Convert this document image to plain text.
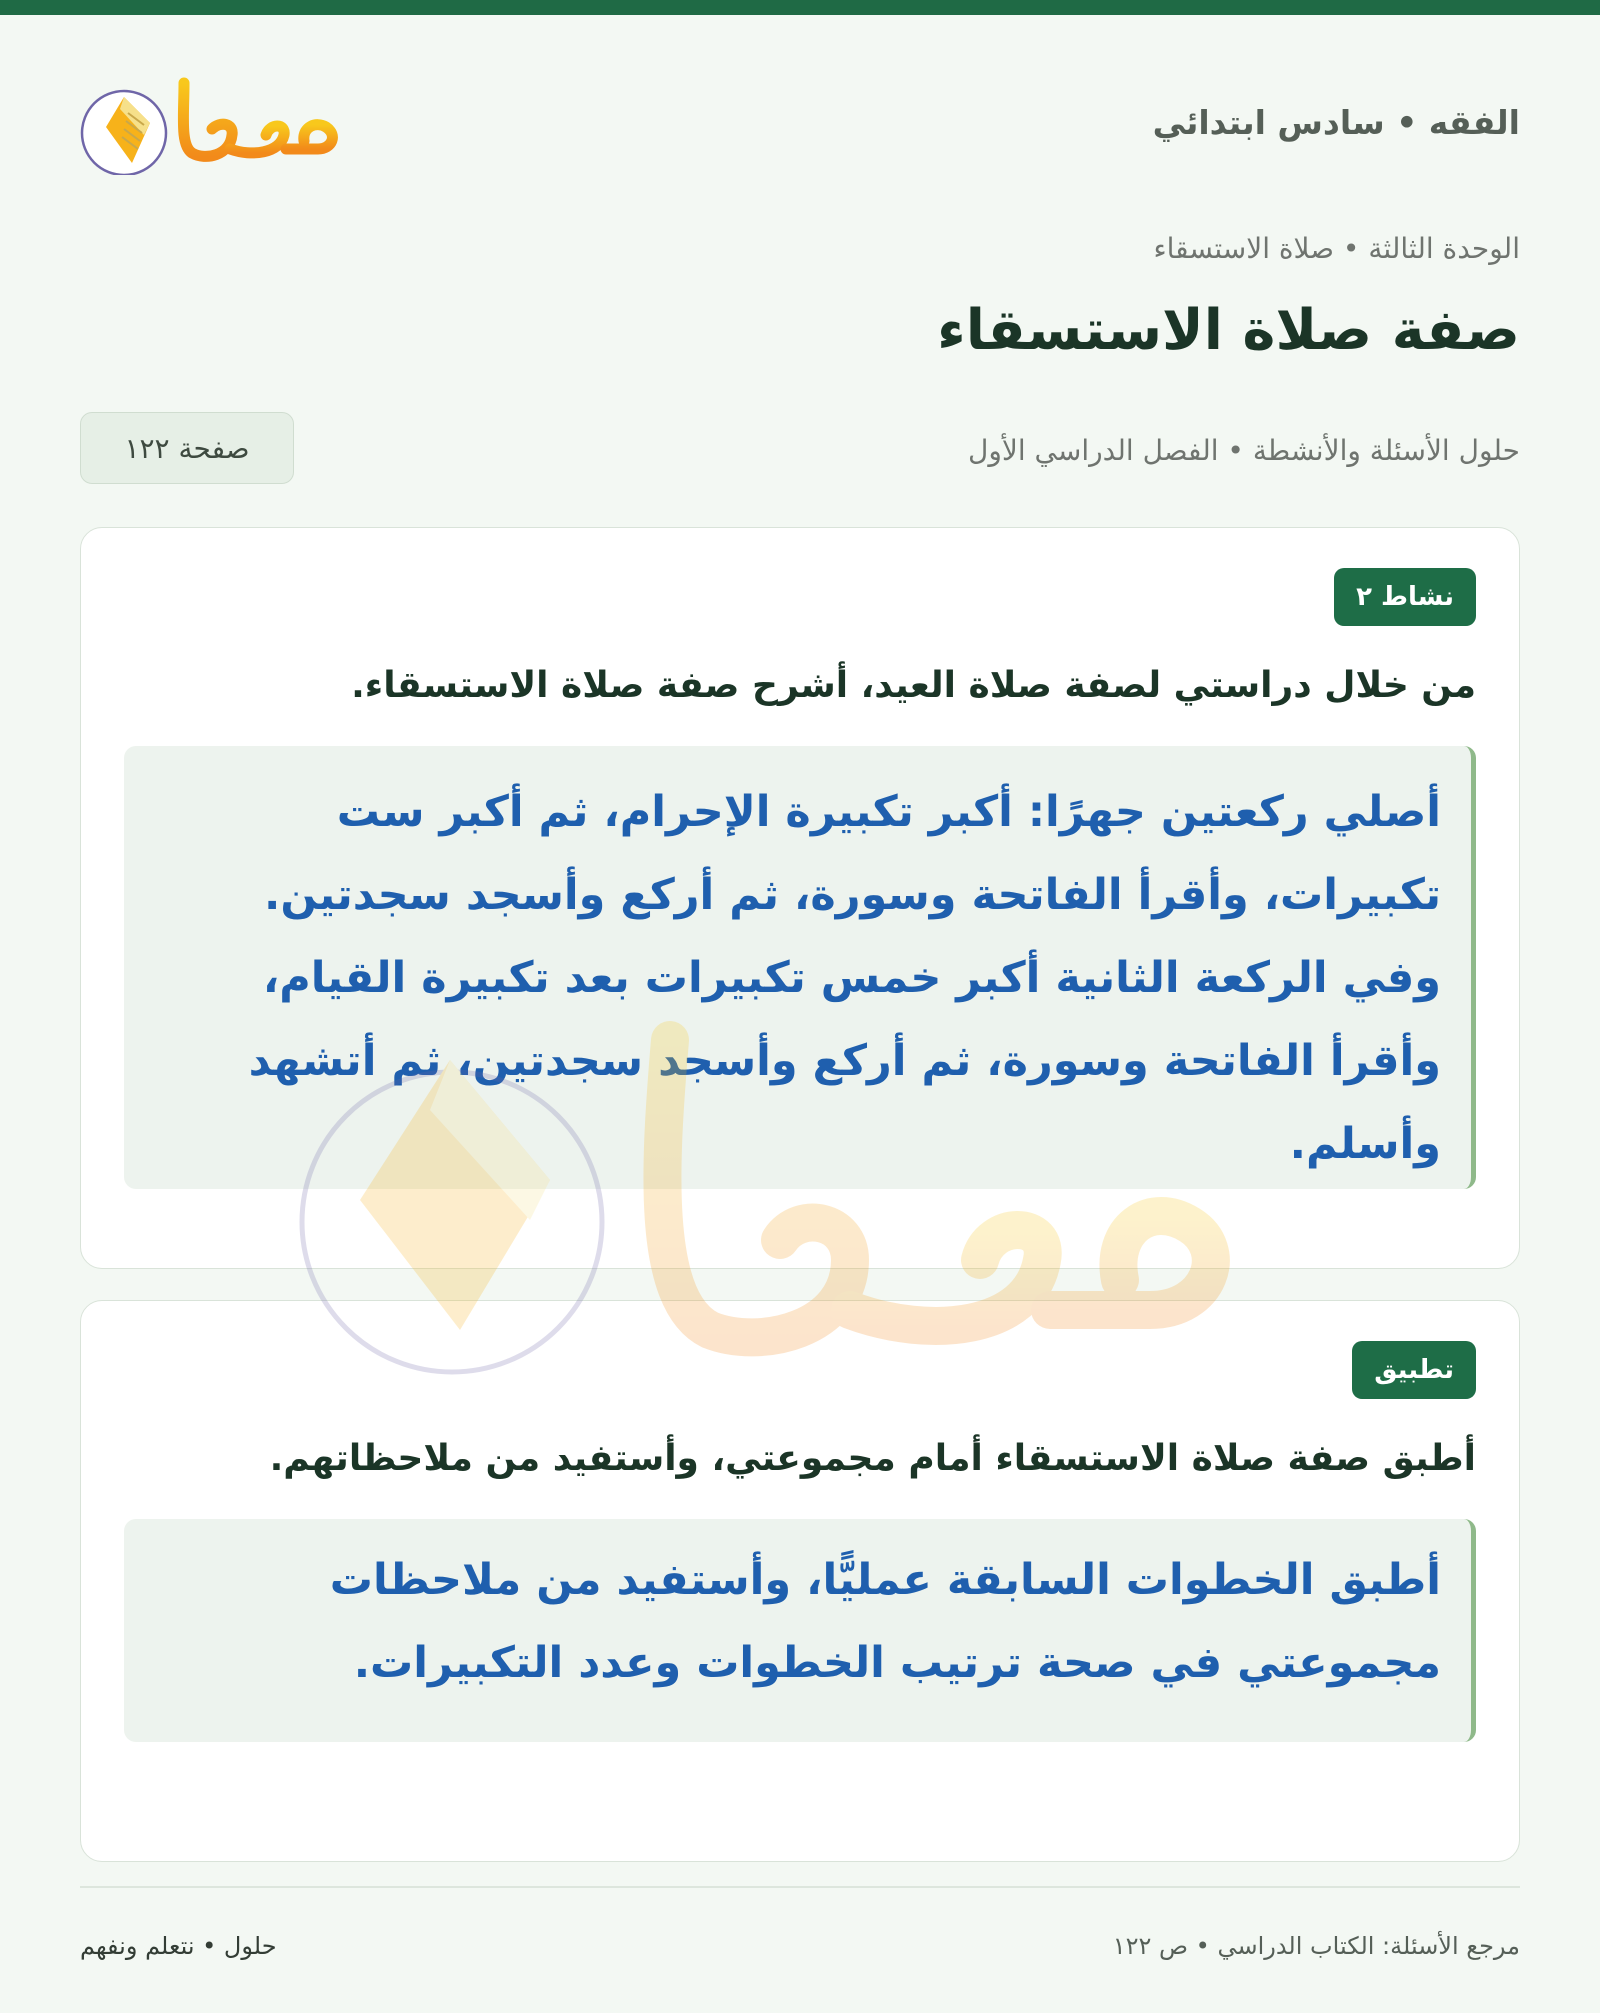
الفقه • سادس ابتدائي
الوحدة الثالثة • صلاة الاستسقاء
صفة صلاة الاستسقاء
حلول الأسئلة والأنشطة • الفصل الدراسي الأول
صفحة ١٢٢
نشاط ٢
من خلال دراستي لصفة صلاة العيد، أشرح صفة صلاة الاستسقاء.
أصلي ركعتين جهرًا: أكبر تكبيرة الإحرام، ثم أكبر ست تكبيرات، وأقرأ الفاتحة وسورة، ثم أركع وأسجد سجدتين. وفي الركعة الثانية أكبر خمس تكبيرات بعد تكبيرة القيام، وأقرأ الفاتحة وسورة، ثم أركع وأسجد سجدتين، ثم أتشهد وأسلم.
تطبيق
أطبق صفة صلاة الاستسقاء أمام مجموعتي، وأستفيد من ملاحظاتهم.
أطبق الخطوات السابقة عمليًّا، وأستفيد من ملاحظات مجموعتي في صحة ترتيب الخطوات وعدد التكبيرات.
مرجع الأسئلة: الكتاب الدراسي • ص ١٢٢
حلول • نتعلم ونفهم
